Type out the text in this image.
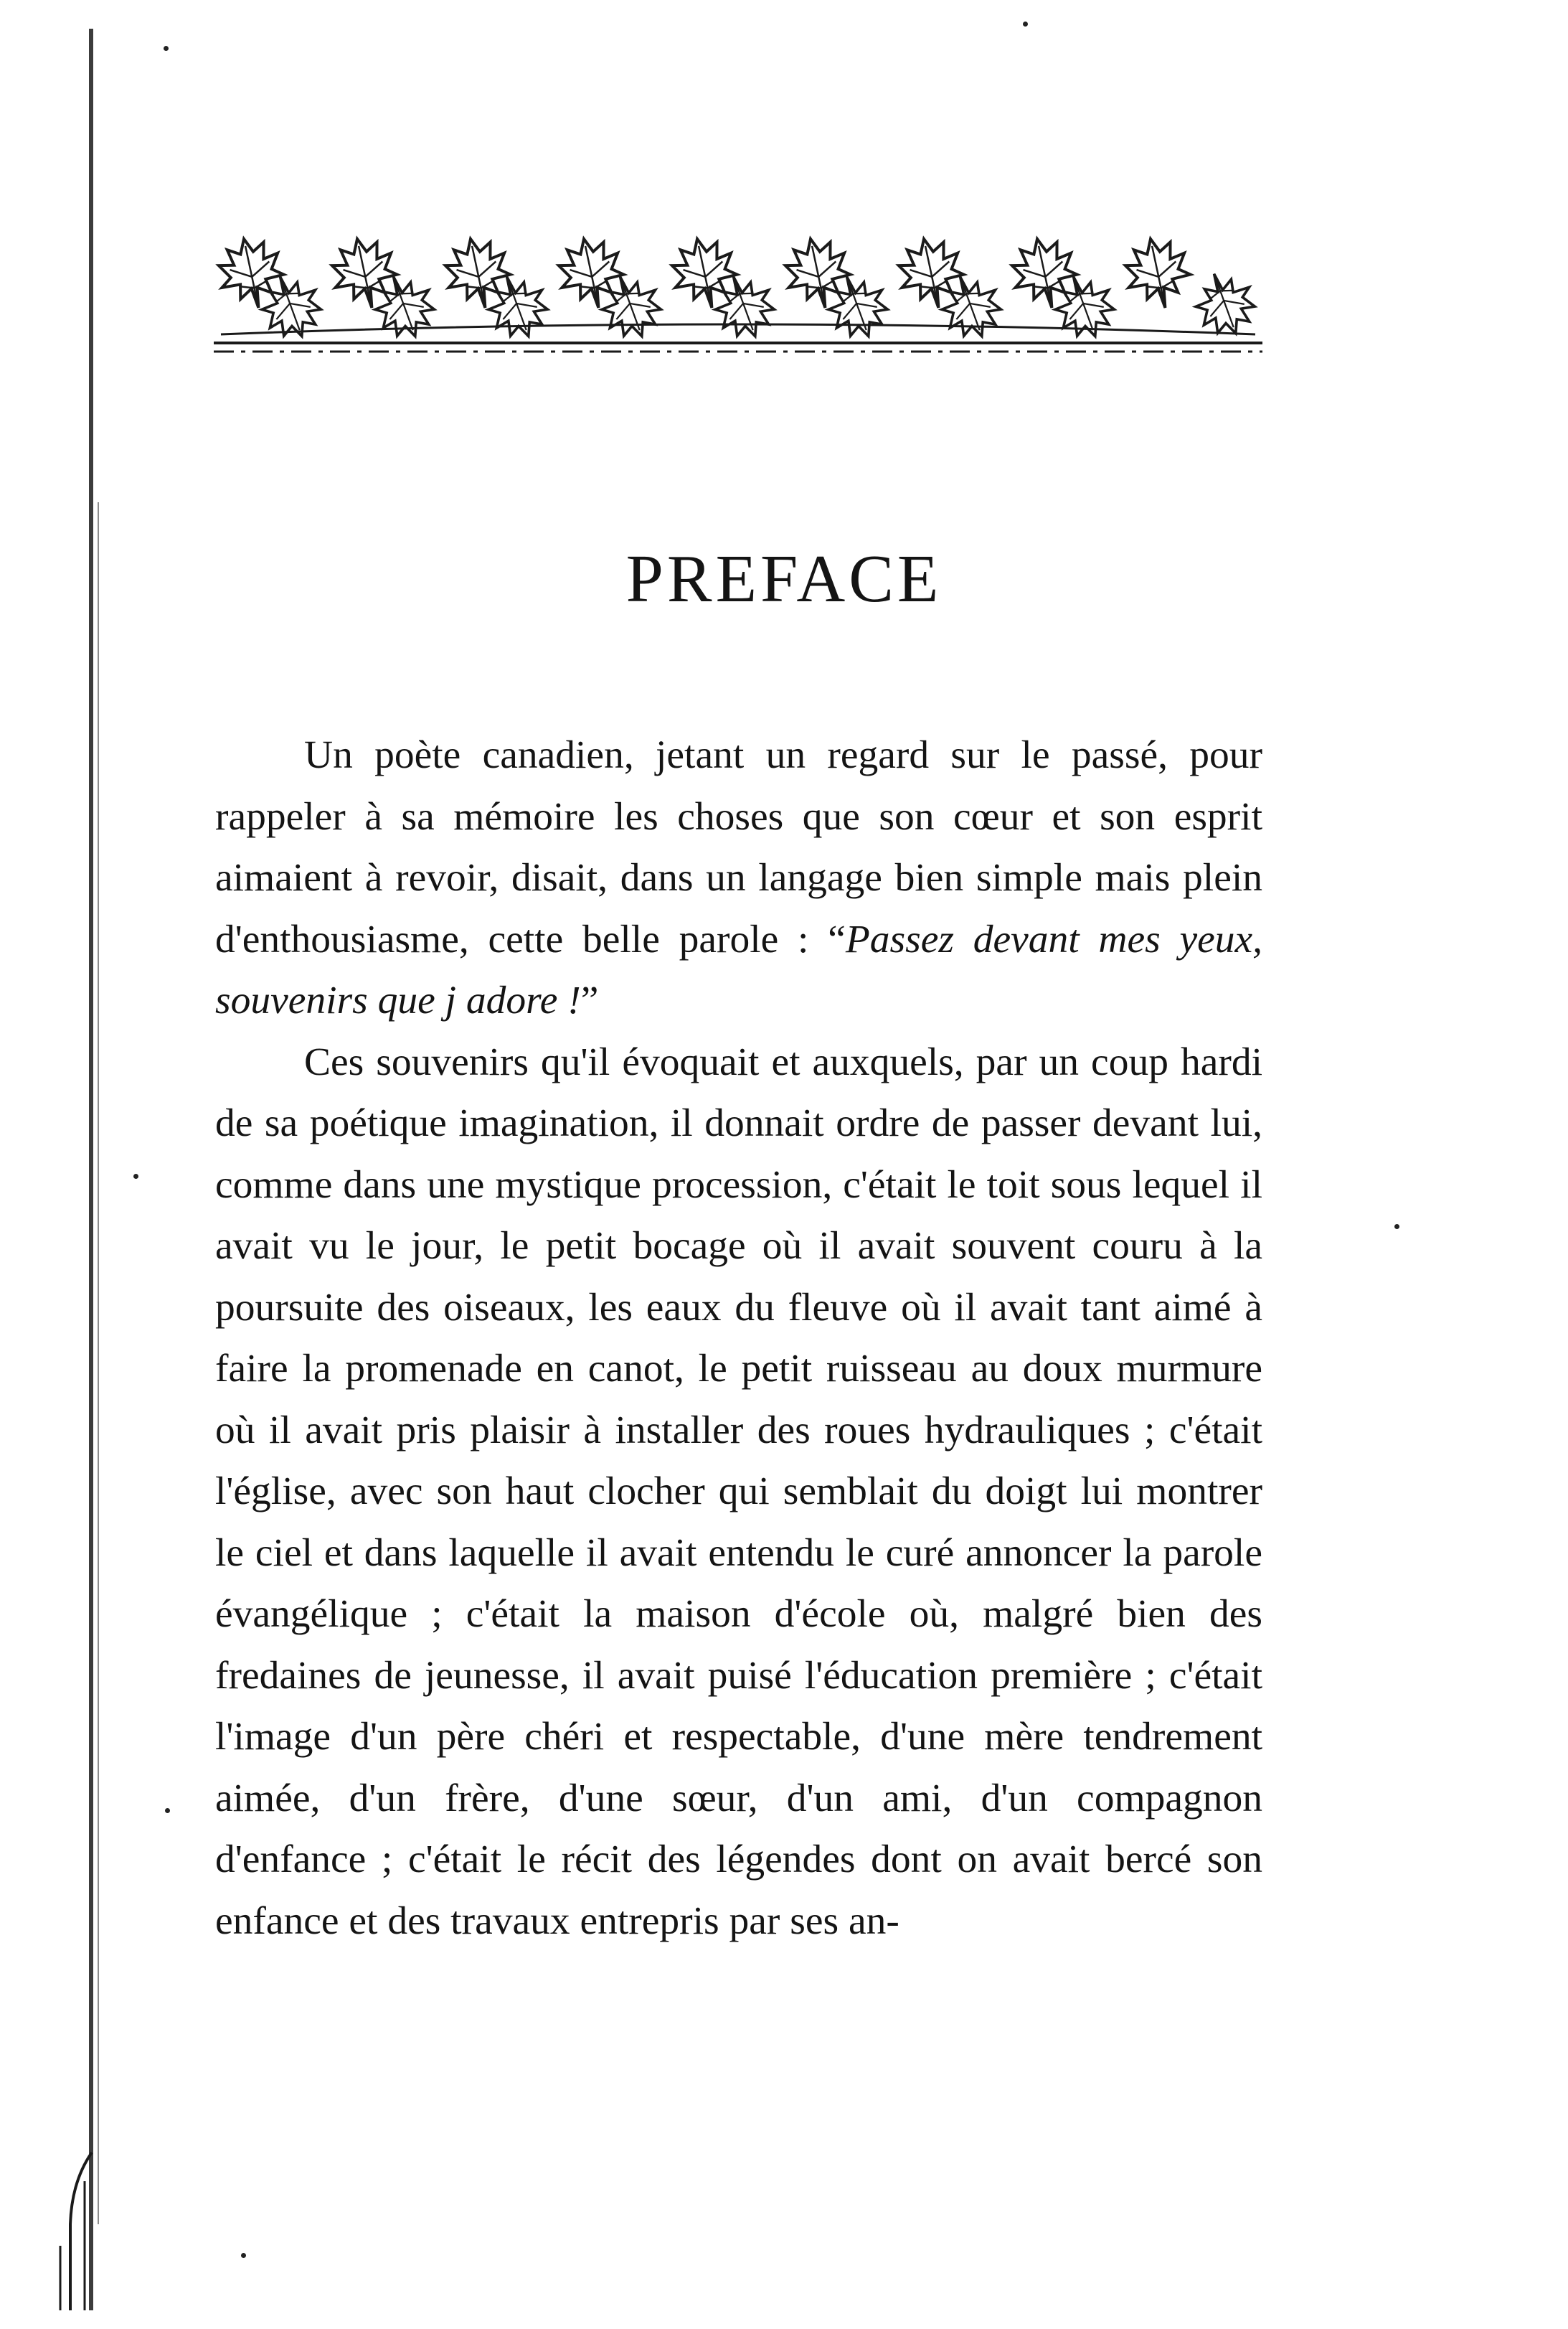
PREFACE

Un poète canadien, jetant un regard sur le passé, pour rappeler à sa mémoire les choses que son cœur et son esprit aimaient à revoir, disait, dans un langage bien simple mais plein d'enthousiasme, cette belle parole : “Passez devant mes yeux, souvenirs que j adore !”

Ces souvenirs qu'il évoquait et auxquels, par un coup hardi de sa poétique imagination, il donnait ordre de passer devant lui, comme dans une mystique procession, c'était le toit sous lequel il avait vu le jour, le petit bocage où il avait souvent couru à la poursuite des oiseaux, les eaux du fleuve où il avait tant aimé à faire la promenade en canot, le petit ruisseau au doux murmure où il avait pris plaisir à installer des roues hydrauliques ; c'était l'église, avec son haut clocher qui semblait du doigt lui montrer le ciel et dans laquelle il avait entendu le curé annoncer la parole évangélique ; c'était la maison d'école où, malgré bien des fredaines de jeunesse, il avait puisé l'éducation première ; c'était l'image d'un père chéri et respectable, d'une mère tendrement aimée, d'un frère, d'une sœur, d'un ami, d'un compagnon d'enfance ; c'était le récit des légendes dont on avait bercé son enfance et des travaux entrepris par ses an-
